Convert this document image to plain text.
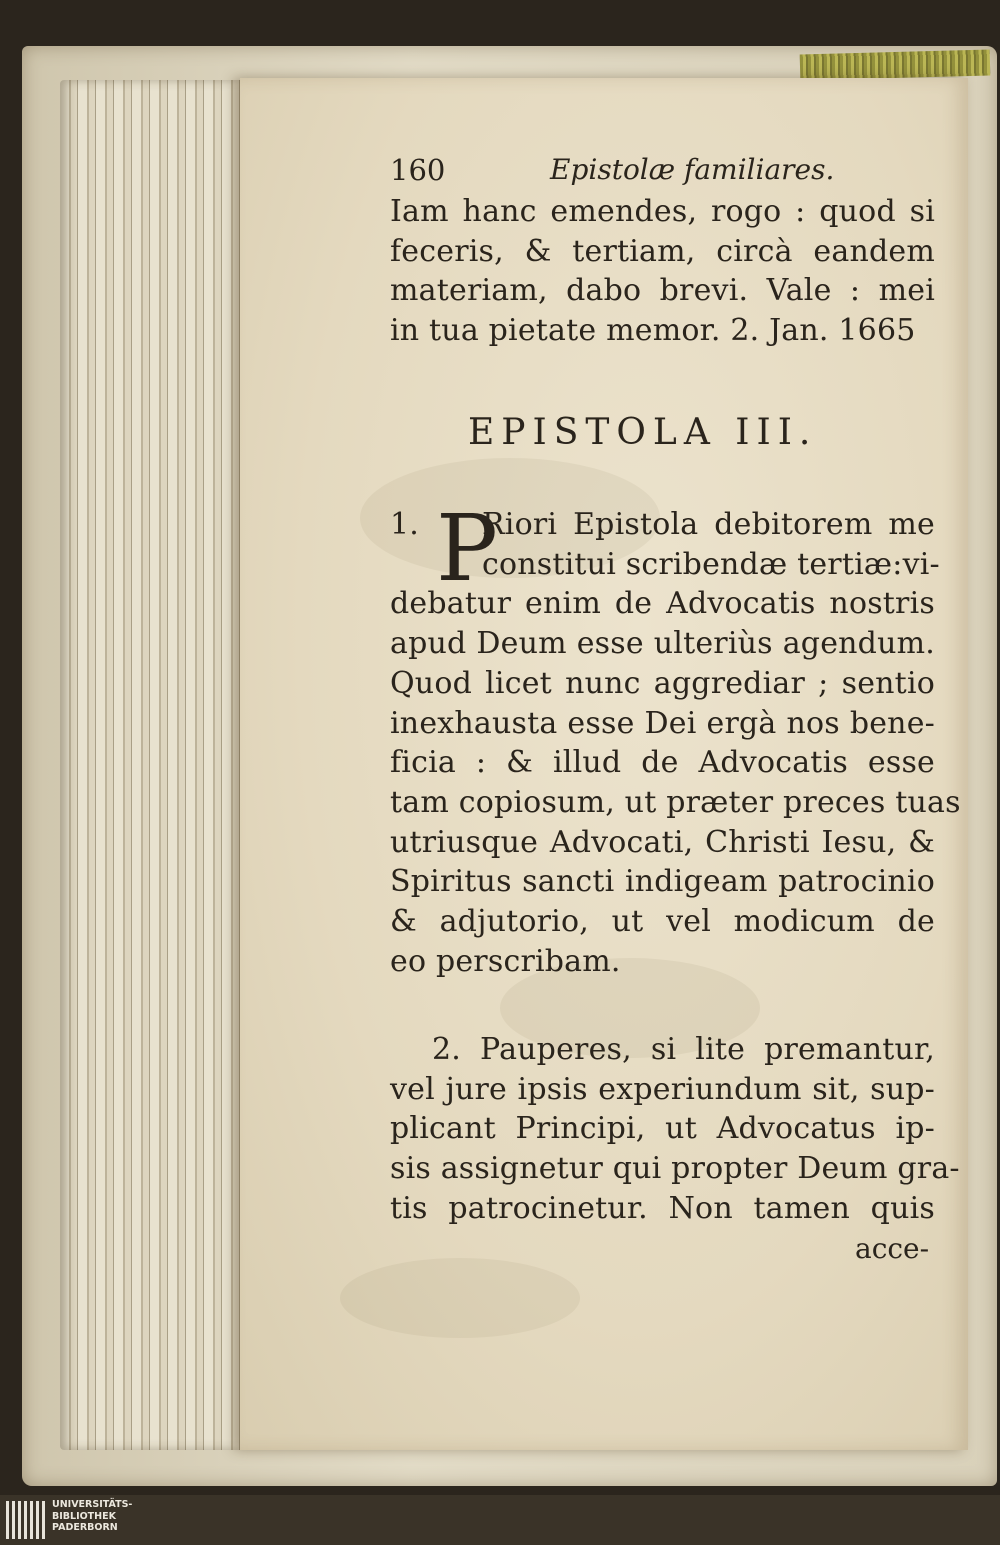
160	Epistolæ familiares.
Iam hanc emendes, rogo : quod si
feceris, & tertiam, circà eandem
materiam, dabo brevi. Vale : mei
in tua pietate memor. 2. Jan. 1665
EPISTOLA III.
1. P
Riori Epistola debitorem me
constitui scribendæ tertiæ:vi-
debatur enim de Advocatis nostris
apud Deum esse ulteriùs agendum.
Quod licet nunc aggrediar ; sentio
inexhausta esse Dei ergà nos bene-
ficia : & illud de Advocatis esse
tam copiosum, ut præter preces tuas
utriusque Advocati, Christi Iesu, &
Spiritus sancti indigeam patrocinio
& adjutorio, ut vel modicum de
eo perscribam.
2. Pauperes, si lite premantur,
vel jure ipsis experiundum sit, sup-
plicant Principi, ut Advocatus ip-
sis assignetur qui propter Deum gra-
tis patrocinetur. Non tamen quis
acce-
UNIVERSITÄTS-
BIBLIOTHEK
PADERBORN
